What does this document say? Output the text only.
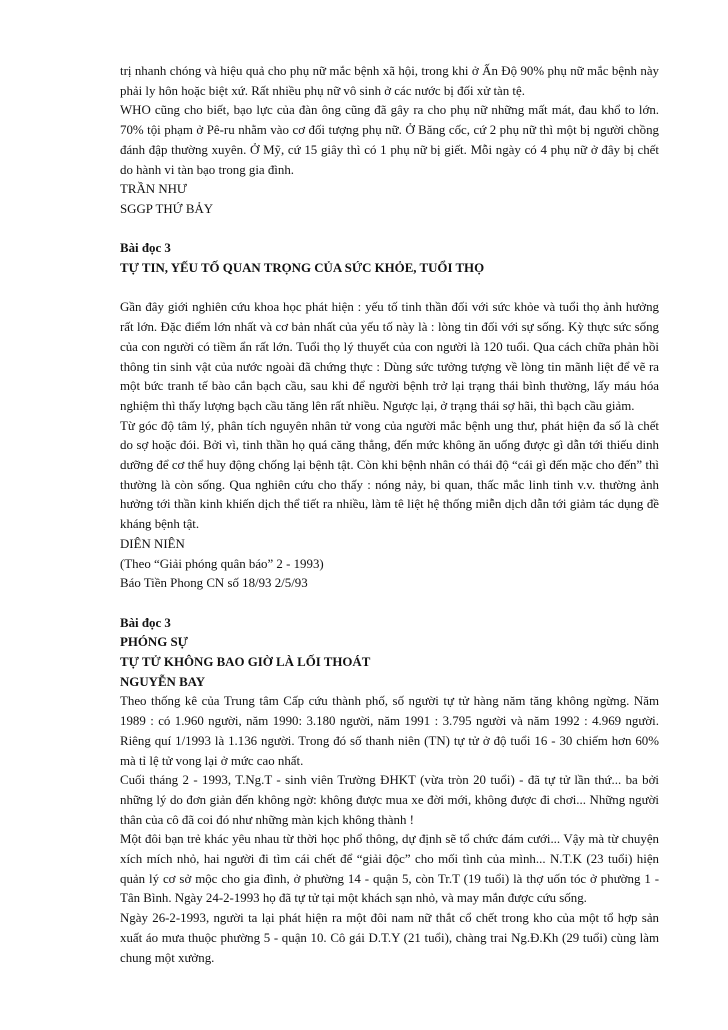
trị nhanh chóng và hiệu quả cho phụ nữ mắc bệnh xã hội, trong khi ở Ấn Độ 90% phụ nữ mắc bệnh này phải ly hôn hoặc biệt xứ. Rất nhiều phụ nữ vô sinh ở các nước bị đối xử tàn tệ.

WHO cũng cho biết, bạo lực của đàn ông cũng đã gây ra cho phụ nữ những mất mát, đau khổ to lớn. 70% tội phạm ở Pê-ru nhằm vào cơ đối tượng phụ nữ. Ở Băng cốc, cứ 2 phụ nữ thì một bị người chồng đánh đập thường xuyên. Ở Mỹ, cứ 15 giây thì có 1 phụ nữ bị giết. Mỗi ngày có 4 phụ nữ ở đây bị chết do hành vi tàn bạo trong gia đình.

TRẦN NHƯ

SGGP THỨ BẢY

Bài đọc 3

TỰ TIN, YẾU TỐ QUAN TRỌNG CỦA SỨC KHỎE, TUỔI THỌ

Gần đây giới nghiên cứu khoa học phát hiện : yếu tố tinh thần đối với sức khỏe và tuổi thọ ảnh hưởng rất lớn. Đặc điểm lớn nhất và cơ bản nhất của yếu tố này là : lòng tin đối với sự sống. Kỳ thực sức sống của con người có tiềm ẩn rất lớn. Tuổi thọ lý thuyết của con người là 120 tuổi. Qua cách chữa phản hồi thông tin sinh vật của nước ngoài đã chứng thực : Dùng sức tưởng tượng về lòng tin mãnh liệt để vẽ ra một bức tranh tế bào cắn bạch cầu, sau khi để người bệnh trở lại trạng thái bình thường, lấy máu hóa nghiệm thì thấy lượng bạch cầu tăng lên rất nhiều. Ngược lại, ở trạng thái sợ hãi, thì bạch cầu giảm.

Từ góc độ tâm lý, phân tích nguyên nhân tử vong của người mắc bệnh ung thư, phát hiện đa số là chết do sợ hoặc đói. Bởi vì, tinh thần họ quá căng thẳng, đến mức không ăn uống được gì dẫn tới thiếu dinh dưỡng để cơ thể huy động chống lại bệnh tật. Còn khi bệnh nhân có thái độ “cái gì đến mặc cho đến” thì thường là còn sống. Qua nghiên cứu cho thấy : nóng nảy, bi quan, thấc mắc linh tinh v.v. thường ảnh hưởng tới thần kinh khiến dịch thể tiết ra nhiều, làm tê liệt hệ thống miễn dịch dẫn tới giảm tác dụng đề kháng bệnh tật.

DIÊN NIÊN

(Theo “Giải phóng quân báo” 2 - 1993)

Báo Tiền Phong CN số 18/93 2/5/93

Bài đọc 3

PHÓNG SỰ

TỰ TỬ KHÔNG BAO GIỜ LÀ LỐI THOÁT

NGUYỄN BAY

Theo thống kê của Trung tâm Cấp cứu thành phố, số người tự tử hàng năm tăng không ngừng. Năm 1989 : có 1.960 người, năm 1990: 3.180 người, năm 1991 : 3.795 người và năm 1992 : 4.969 người. Riêng quí 1/1993 là 1.136 người. Trong đó số thanh niên (TN) tự tử ở độ tuổi 16 - 30 chiếm hơn 60% mà tỉ lệ tử vong lại ở mức cao nhất.

Cuối tháng 2 - 1993, T.Ng.T - sinh viên Trường ĐHKT (vừa tròn 20 tuổi) - đã tự tử lần thứ... ba bởi những lý do đơn giản đến không ngờ: không được mua xe đời mới, không được đi chơi... Những người thân của cô đã coi đó như những màn kịch không thành !

Một đôi bạn trẻ khác yêu nhau từ thời học phổ thông, dự định sẽ tổ chức đám cưới... Vậy mà từ chuyện xích mích nhỏ, hai người đi tìm cái chết để “giải độc” cho mối tình của mình... N.T.K (23 tuổi) hiện quản lý cơ sở mộc cho gia đình, ở phường 14 - quận 5, còn Tr.T (19 tuổi) là thợ uốn tóc ở phường 1 - Tân Bình. Ngày 24-2-1993 họ đã tự tử tại một khách sạn nhỏ, và may mắn được cứu sống.

Ngày 26-2-1993, người ta lại phát hiện ra một đôi nam nữ thắt cổ chết trong kho của một tổ hợp sản xuất áo mưa thuộc phường 5 - quận 10. Cô gái D.T.Y (21 tuổi), chàng trai Ng.Đ.Kh (29 tuổi) cùng làm chung một xưởng.
